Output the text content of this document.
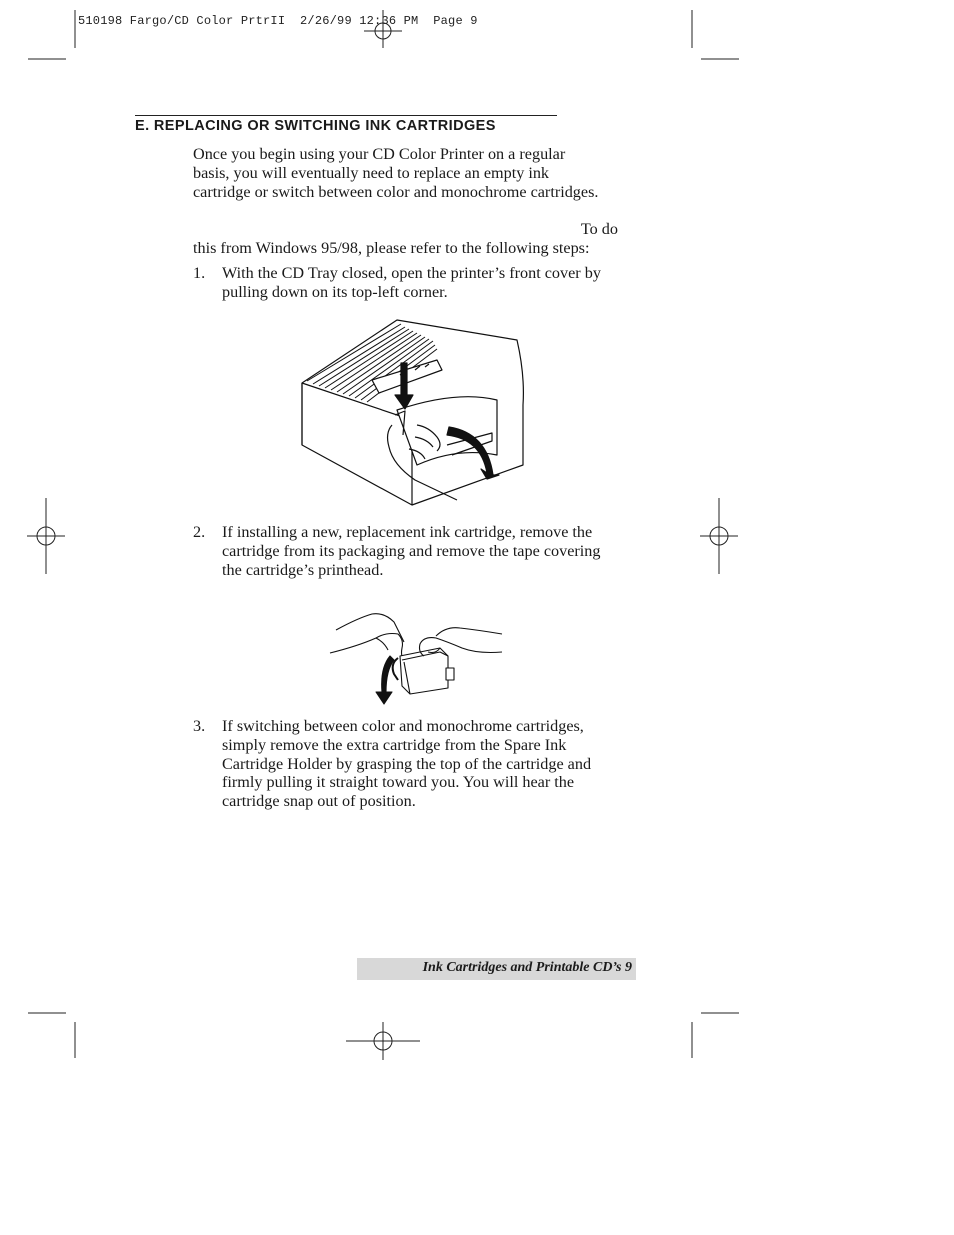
510198 Fargo/CD Color PrtrII  2/26/99 12:36 PM  Page 9
E. REPLACING OR SWITCHING INK CARTRIDGES
Once you begin using your CD Color Printer on a regular
basis, you will eventually need to replace an empty ink
cartridge or switch between color and monochrome cartridges.
To do
this from Windows 95/98, please refer to the following steps:
1. With the CD Tray closed, open the printer’s front cover by
pulling down on its top-left corner.
2. If installing a new, replacement ink cartridge, remove the
cartridge from its packaging and remove the tape covering
the cartridge’s printhead.
3. If switching between color and monochrome cartridges,
simply remove the extra cartridge from the Spare Ink
Cartridge Holder by grasping the top of the cartridge and
firmly pulling it straight toward you. You will hear the
cartridge snap out of position.
Ink Cartridges and Printable CD’s 9
